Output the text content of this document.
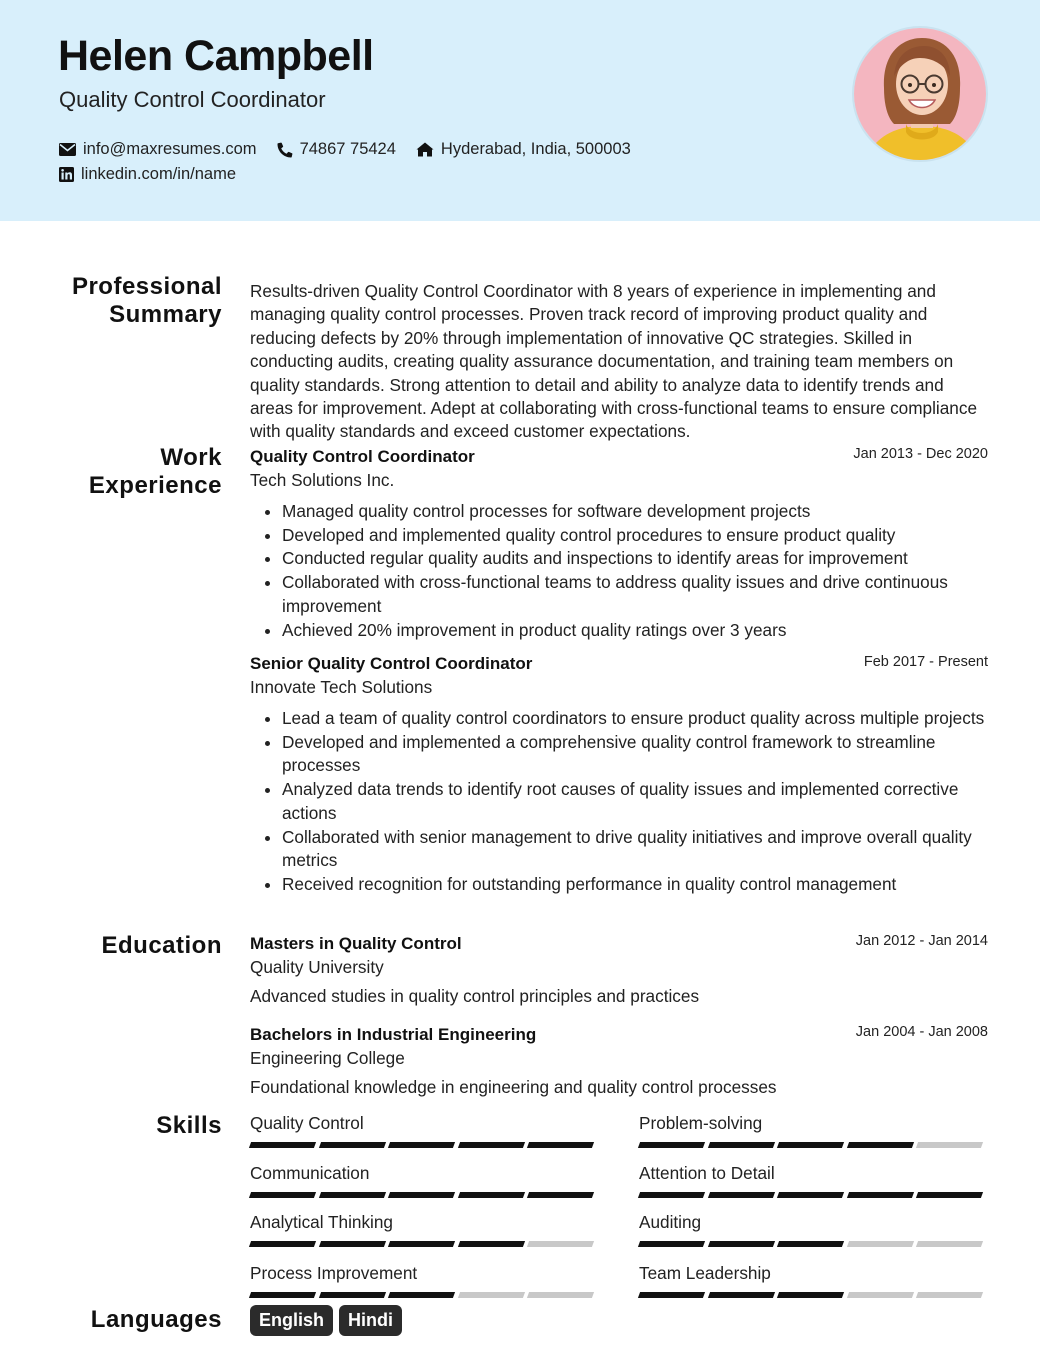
Helen Campbell
Quality Control Coordinator
info@maxresumes.com	74867 75424	Hyderabad, India, 500003
linkedin.com/in/name
Professional
Summary
Results-driven Quality Control Coordinator with 8 years of experience in implementing and managing quality control processes. Proven track record of improving product quality and reducing defects by 20% through implementation of innovative QC strategies. Skilled in conducting audits, creating quality assurance documentation, and training team members on quality standards. Strong attention to detail and ability to analyze data to identify trends and areas for improvement. Adept at collaborating with cross-functional teams to ensure compliance with quality standards and exceed customer expectations.
Work
Experience
Quality Control Coordinator	Jan 2013 - Dec 2020
Tech Solutions Inc.
• Managed quality control processes for software development projects
• Developed and implemented quality control procedures to ensure product quality
• Conducted regular quality audits and inspections to identify areas for improvement
• Collaborated with cross-functional teams to address quality issues and drive continuous improvement
• Achieved 20% improvement in product quality ratings over 3 years
Senior Quality Control Coordinator	Feb 2017 - Present
Innovate Tech Solutions
• Lead a team of quality control coordinators to ensure product quality across multiple projects
• Developed and implemented a comprehensive quality control framework to streamline processes
• Analyzed data trends to identify root causes of quality issues and implemented corrective actions
• Collaborated with senior management to drive quality initiatives and improve overall quality metrics
• Received recognition for outstanding performance in quality control management
Education Masters in Quality Control	Jan 2012 - Jan 2014
Quality University
Advanced studies in quality control principles and practices
Bachelors in Industrial Engineering	Jan 2004 - Jan 2008
Engineering College
Foundational knowledge in engineering and quality control processes
Skills Quality Control	Problem-solving
Communication	Attention to Detail
Analytical Thinking	Auditing
Process Improvement	Team Leadership
Languages	English	Hindi
